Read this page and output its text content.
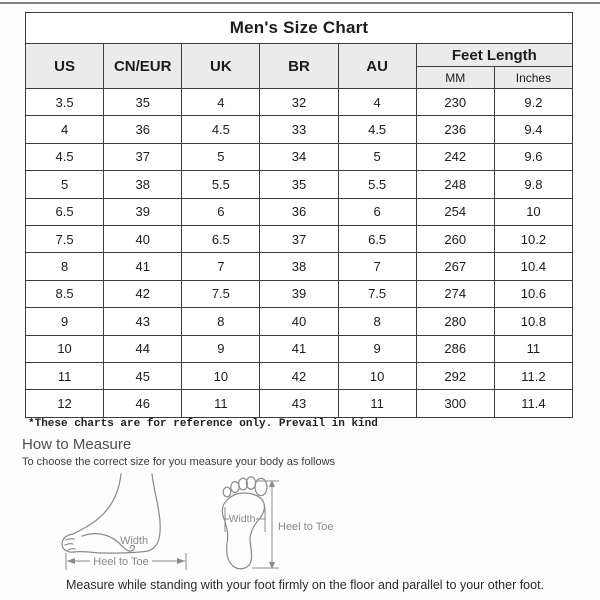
Men's Size Chart						
US	CN/EUR	UK	BR	AU	Feet Length	
					MM	Inches
3.5	35	4	32	4	230	9.2
4	36	4.5	33	4.5	236	9.4
4.5	37	5	34	5	242	9.6
5	38	5.5	35	5.5	248	9.8
6.5	39	6	36	6	254	10
7.5	40	6.5	37	6.5	260	10.2
8	41	7	38	7	267	10.4
8.5	42	7.5	39	7.5	274	10.6
9	43	8	40	8	280	10.8
10	44	9	41	9	286	11
11	45	10	42	10	292	11.2
12	46	11	43	11	300	11.4
*These charts are for reference only. Prevail in kind
How to Measure
To choose the correct size for you measure your body as follows
Width
Heel to Toe
Width
Heel to Toe
Measure while standing with your foot firmly on the floor and parallel to your other foot.
